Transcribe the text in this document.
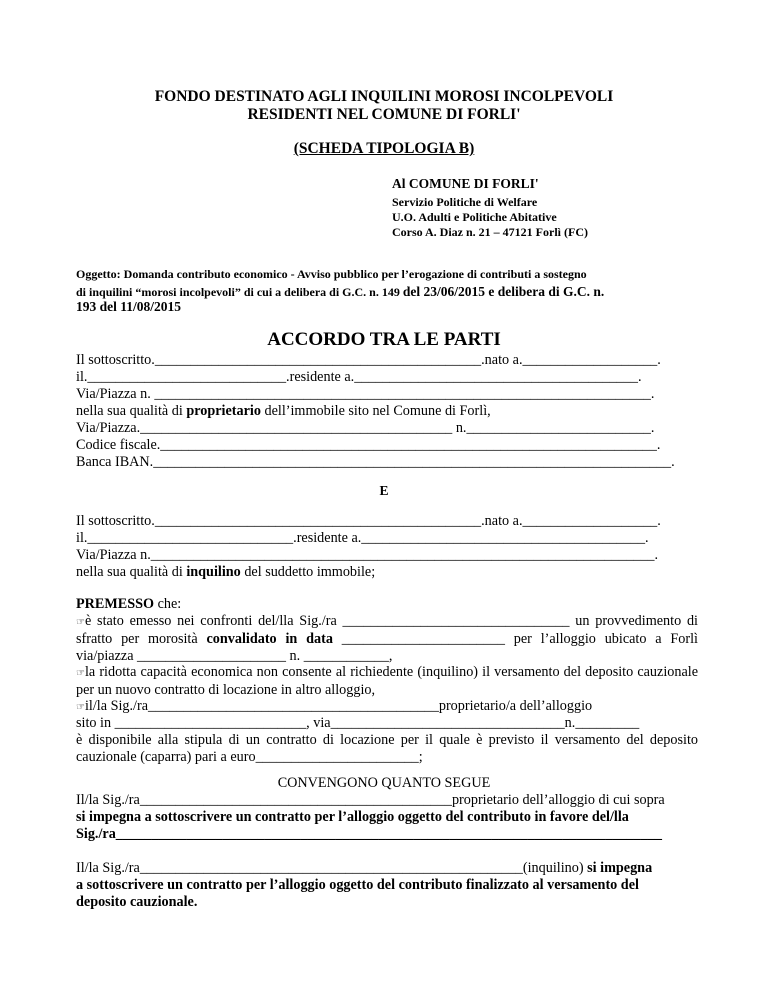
FONDO DESTINATO AGLI INQUILINI MOROSI INCOLPEVOLI
RESIDENTI NEL COMUNE DI FORLI'
(SCHEDA TIPOLOGIA B)
Al COMUNE DI FORLI'
Servizio Politiche di Welfare
U.O. Adulti e Politiche Abitative
Corso A. Diaz n. 21 – 47121 Forlì (FC)
Oggetto: Domanda contributo economico - Avviso pubblico per l’erogazione di contributi a sostegno
di inquilini “morosi incolpevoli” di cui a delibera di G.C. n. 149 del 23/06/2015 e delibera di G.C. n.
193 del 11/08/2015
ACCORDO TRA LE PARTI
Il sottoscritto.______________________________________________.nato a.___________________.
il.____________________________.residente a.________________________________________.
Via/Piazza n. ______________________________________________________________________.
nella sua qualità di proprietario dell’immobile sito nel Comune di Forlì,
Via/Piazza.____________________________________________ n.__________________________.
Codice fiscale.______________________________________________________________________.
Banca IBAN._________________________________________________________________________.
E
Il sottoscritto.______________________________________________.nato a.___________________.
il._____________________________.residente a.________________________________________.
Via/Piazza n._______________________________________________________________________.
nella sua qualità di inquilino del suddetto immobile;
PREMESSO che:
☞è stato emesso nei confronti del/lla Sig./ra ________________________________ un provvedimento di sfratto per morosità convalidato in data _______________________ per l’alloggio ubicato a Forlì via/piazza _____________________ n. ____________,
☞la ridotta capacità economica non consente al richiedente (inquilino) il versamento del deposito cauzionale per un nuovo contratto di locazione in altro alloggio,
☞il/la Sig./ra_________________________________________proprietario/a dell’alloggio
sito in ___________________________, via_________________________________n._________
è disponibile alla stipula di un contratto di locazione per il quale è previsto il versamento del deposito cauzionale (caparra) pari a euro_______________________;
CONVENGONO QUANTO SEGUE
Il/la Sig./ra____________________________________________proprietario dell’alloggio di cui sopra
si impegna a sottoscrivere un contratto per l’alloggio oggetto del contributo in favore del/lla
Sig./ra_____________________________________________________________________________
Il/la Sig./ra______________________________________________________(inquilino) si impegna
a sottoscrivere un contratto per l’alloggio oggetto del contributo finalizzato al versamento del
deposito cauzionale.
